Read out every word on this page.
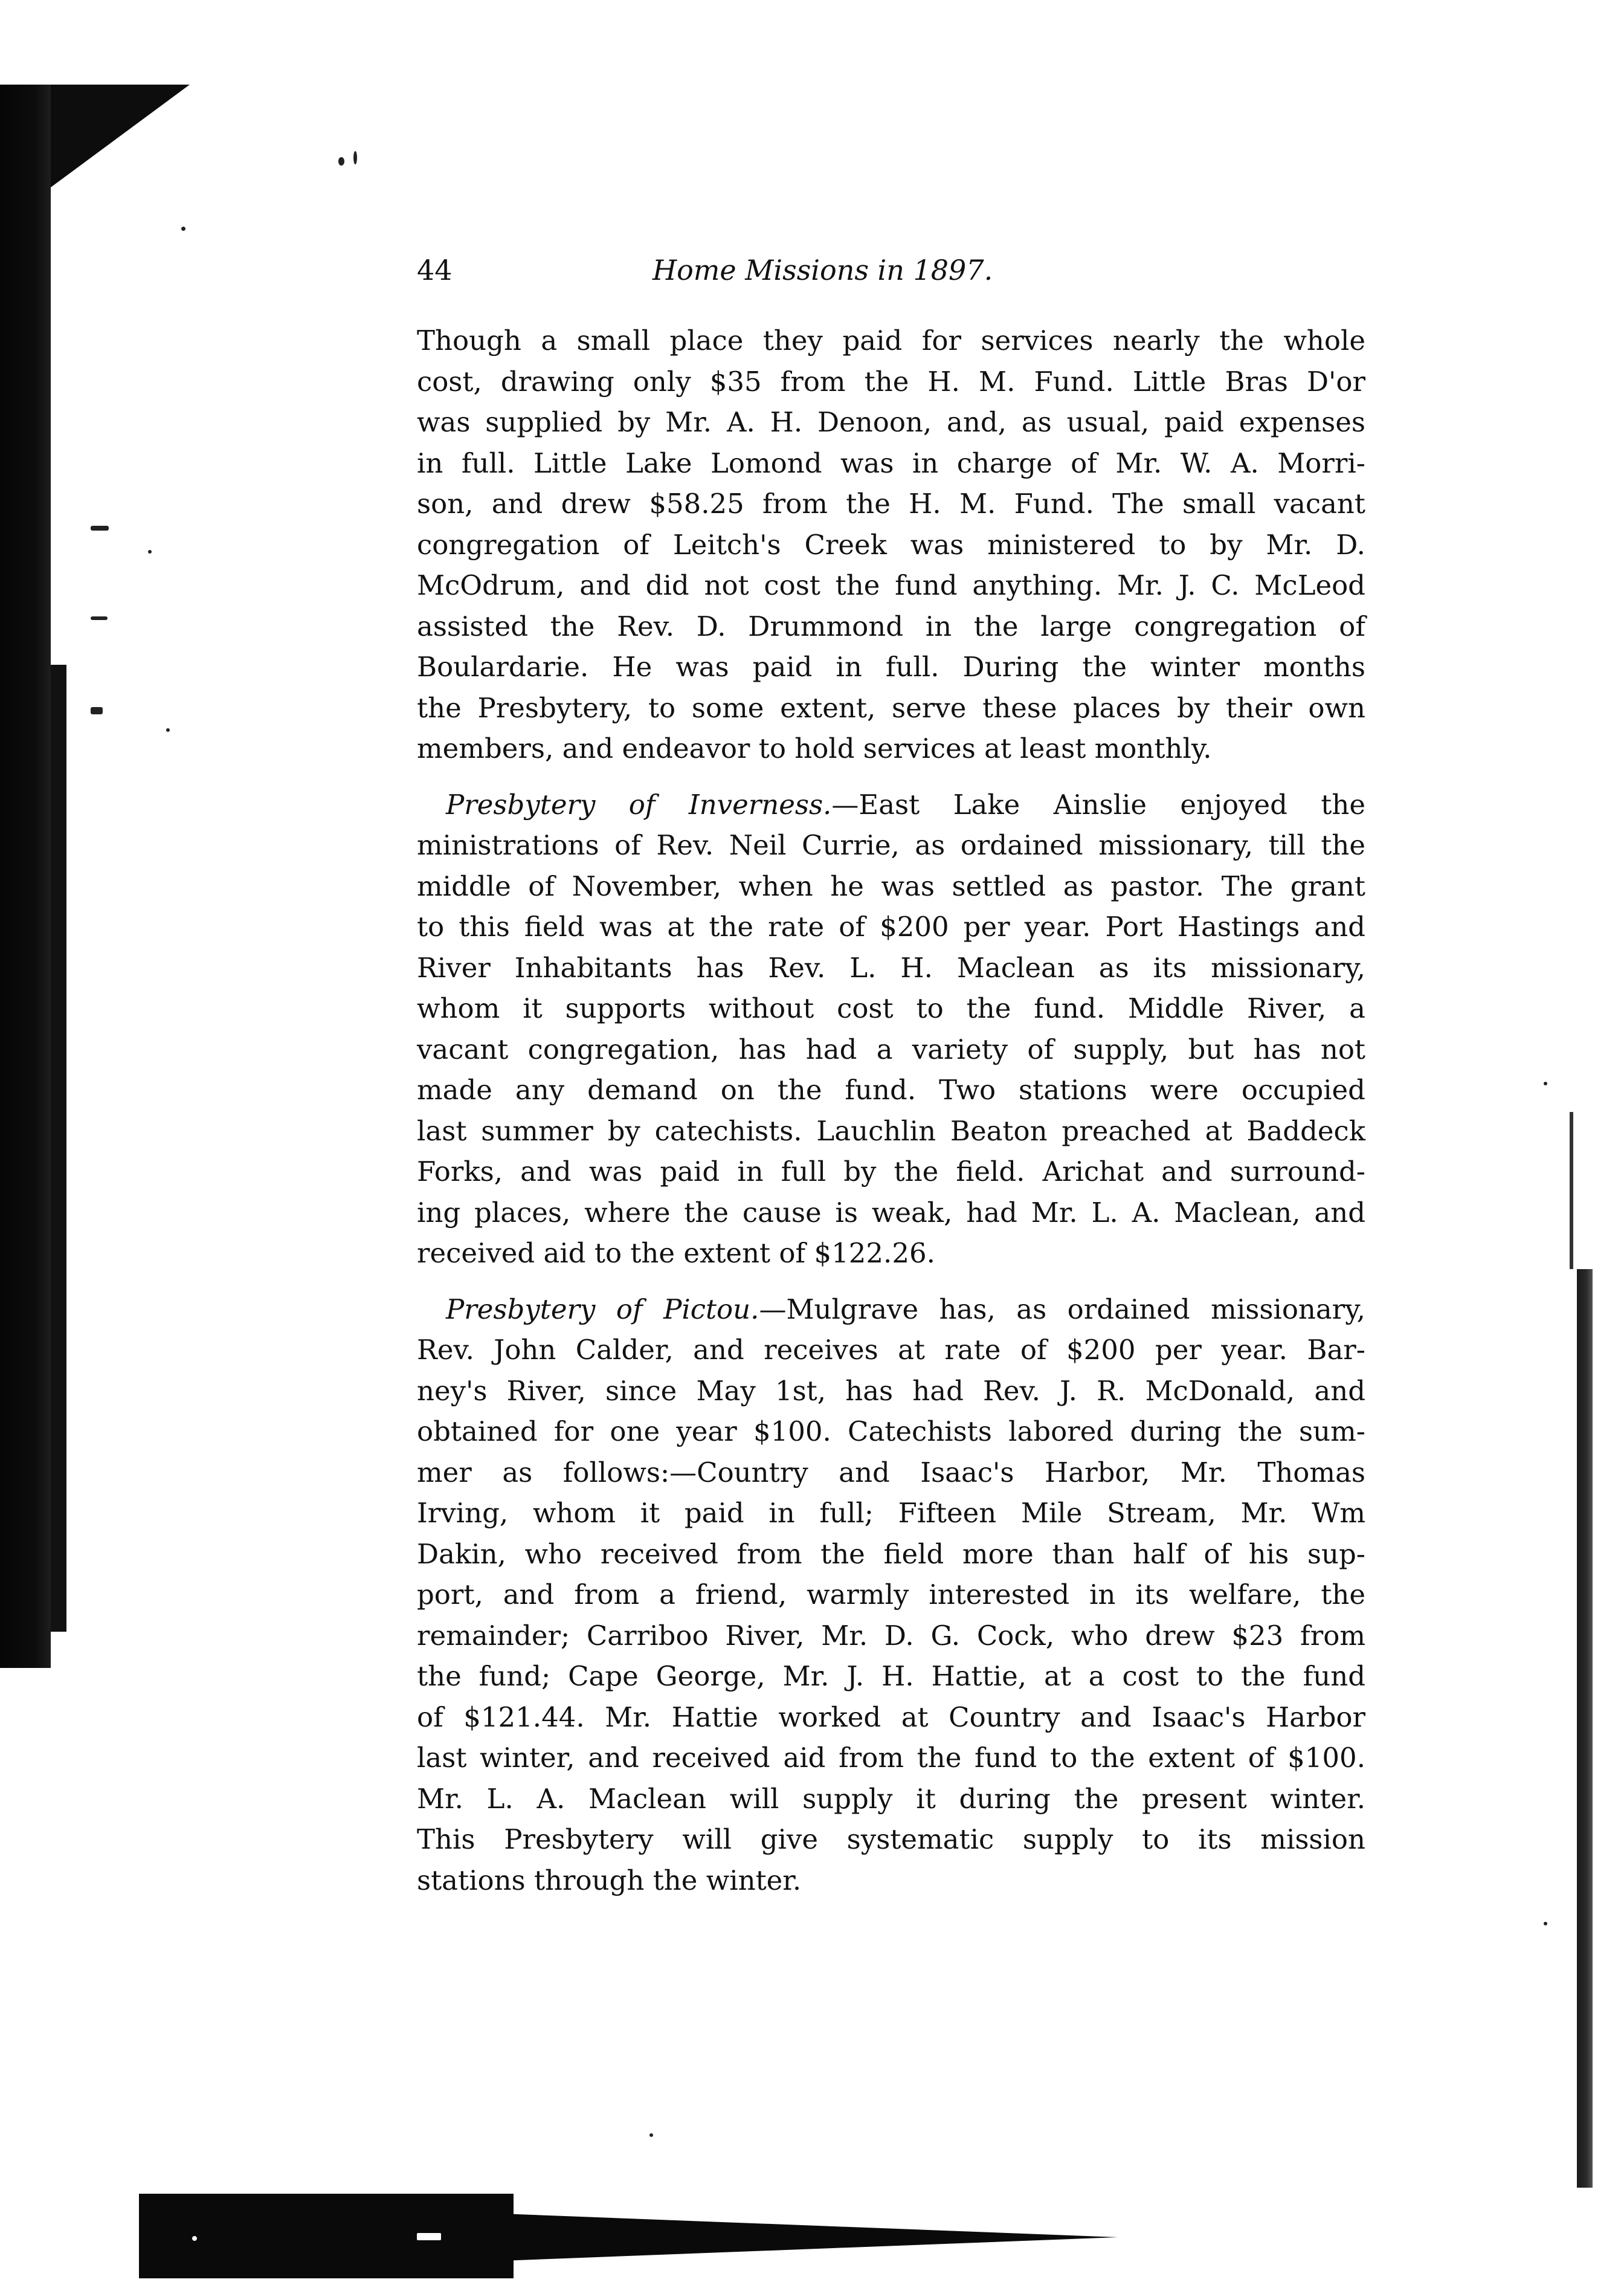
44	Home Missions in 1897.
Though a small place they paid for services nearly the whole
cost, drawing only $35 from the H. M. Fund. Little Bras D'or
was supplied by Mr. A. H. Denoon, and, as usual, paid expenses
in full. Little Lake Lomond was in charge of Mr. W. A. Morri-
son, and drew $58.25 from the H. M. Fund. The small vacant
congregation of Leitch's Creek was ministered to by Mr. D.
McOdrum, and did not cost the fund anything. Mr. J. C. McLeod
assisted the Rev. D. Drummond in the large congregation of
Boulardarie. He was paid in full. During the winter months
the Presbytery, to some extent, serve these places by their own
members, and endeavor to hold services at least monthly.
Presbytery of Inverness.—East Lake Ainslie enjoyed the
ministrations of Rev. Neil Currie, as ordained missionary, till the
middle of November, when he was settled as pastor. The grant
to this field was at the rate of $200 per year. Port Hastings and
River Inhabitants has Rev. L. H. Maclean as its missionary,
whom it supports without cost to the fund. Middle River, a
vacant congregation, has had a variety of supply, but has not
made any demand on the fund. Two stations were occupied
last summer by catechists. Lauchlin Beaton preached at Baddeck
Forks, and was paid in full by the field. Arichat and surround-
ing places, where the cause is weak, had Mr. L. A. Maclean, and
received aid to the extent of $122.26.
Presbytery of Pictou.—Mulgrave has, as ordained missionary,
Rev. John Calder, and receives at rate of $200 per year. Bar-
ney's River, since May 1st, has had Rev. J. R. McDonald, and
obtained for one year $100. Catechists labored during the sum-
mer as follows:—Country and Isaac's Harbor, Mr. Thomas
Irving, whom it paid in full; Fifteen Mile Stream, Mr. Wm
Dakin, who received from the field more than half of his sup-
port, and from a friend, warmly interested in its welfare, the
remainder; Carriboo River, Mr. D. G. Cock, who drew $23 from
the fund; Cape George, Mr. J. H. Hattie, at a cost to the fund
of $121.44. Mr. Hattie worked at Country and Isaac's Harbor
last winter, and received aid from the fund to the extent of $100.
Mr. L. A. Maclean will supply it during the present winter.
This Presbytery will give systematic supply to its mission
stations through the winter.
